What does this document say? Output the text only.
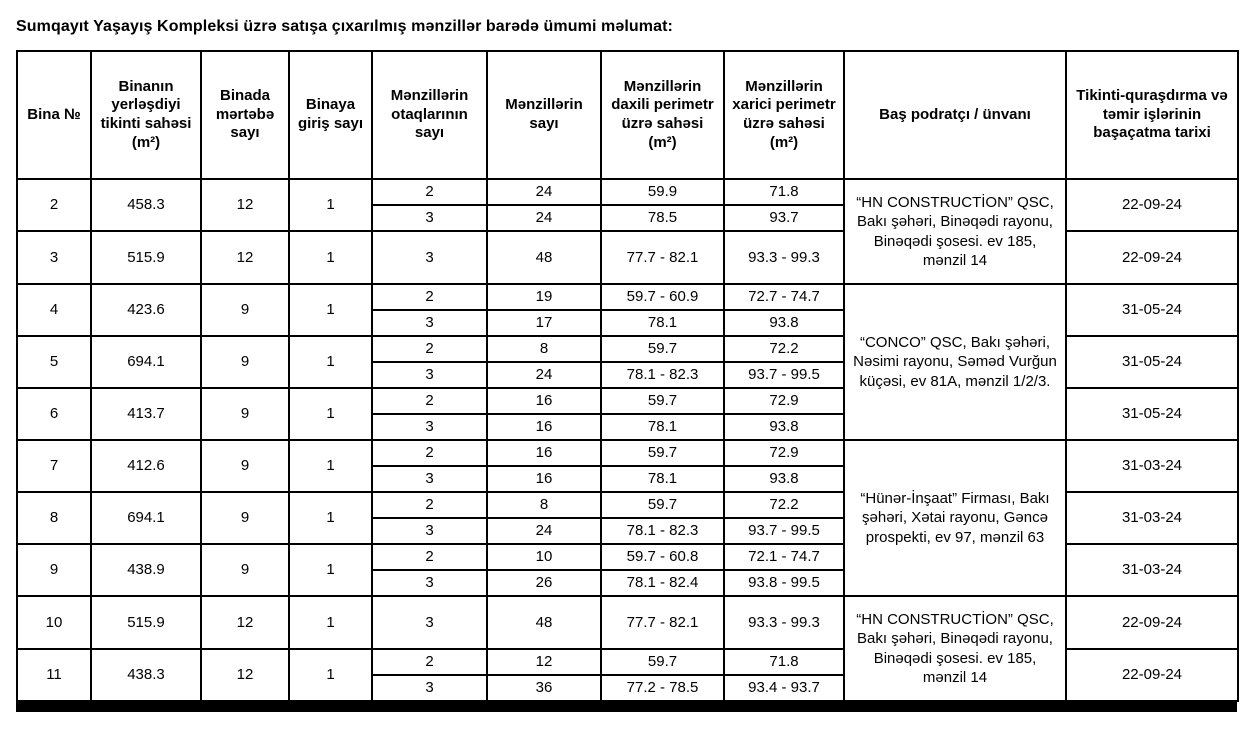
Sumqayıt Yaşayış Kompleksi üzrə satışa çıxarılmış mənzillər barədə ümumi məlumat:
Bina №	Binanın yerləşdiyi tikinti sahəsi (m²)	Binada mərtəbə sayı	Binaya giriş sayı	Mənzillərin otaqlarının sayı	Mənzillərin sayı	Mənzillərin daxili perimetr üzrə sahəsi (m²)	Mənzillərin xarici perimetr üzrə sahəsi (m²)	Baş podratçı / ünvanı	Tikinti-quraşdırma və təmir işlərinin başaçatma tarixi
2	458.3	12	1	2	24	59.9	71.8	“HN CONSTRUCTİON” QSC, Bakı şəhəri, Binəqədi rayonu, Binəqədi şosesi. ev 185, mənzil 14	22-09-24
				3	24	78.5	93.7		
3	515.9	12	1	3	48	77.7 - 82.1	93.3 - 99.3		22-09-24
4	423.6	9	1	2	19	59.7 - 60.9	72.7 - 74.7	“CONCO” QSC, Bakı şəhəri, Nəsimi rayonu, Səməd Vurğun küçəsi, ev 81A, mənzil 1/2/3.	31-05-24
				3	17	78.1	93.8		
5	694.1	9	1	2	8	59.7	72.2		31-05-24
				3	24	78.1 - 82.3	93.7 - 99.5		
6	413.7	9	1	2	16	59.7	72.9		31-05-24
				3	16	78.1	93.8		
7	412.6	9	1	2	16	59.7	72.9	“Hünər-İnşaat” Firması, Bakı şəhəri, Xətai rayonu, Gəncə prospekti, ev 97, mənzil 63	31-03-24
				3	16	78.1	93.8		
8	694.1	9	1	2	8	59.7	72.2		31-03-24
				3	24	78.1 - 82.3	93.7 - 99.5		
9	438.9	9	1	2	10	59.7 - 60.8	72.1 - 74.7		31-03-24
				3	26	78.1 - 82.4	93.8 - 99.5		
10	515.9	12	1	3	48	77.7 - 82.1	93.3 - 99.3	“HN CONSTRUCTİON” QSC, Bakı şəhəri, Binəqədi rayonu, Binəqədi şosesi. ev 185, mənzil 14	22-09-24
11	438.3	12	1	2	12	59.7	71.8		22-09-24
				3	36	77.2 - 78.5	93.4 - 93.7		
